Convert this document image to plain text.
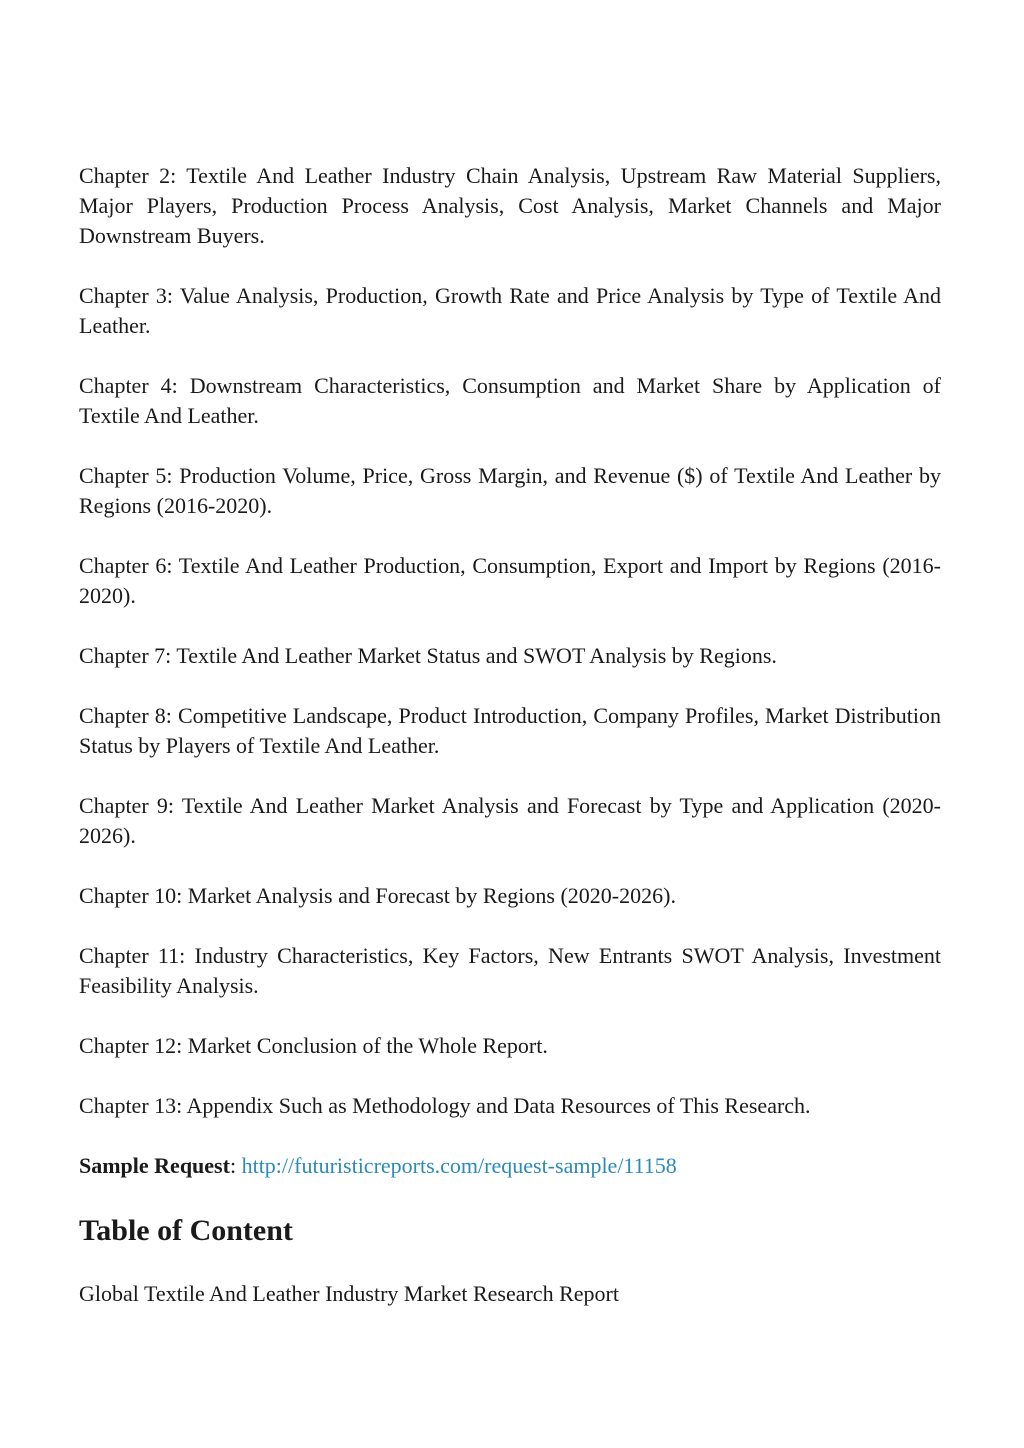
Chapter 2: Textile And Leather Industry Chain Analysis, Upstream Raw Material Suppliers, Major Players, Production Process Analysis, Cost Analysis, Market Channels and Major Downstream Buyers.

Chapter 3: Value Analysis, Production, Growth Rate and Price Analysis by Type of Textile And Leather.

Chapter 4: Downstream Characteristics, Consumption and Market Share by Application of Textile And Leather.

Chapter 5: Production Volume, Price, Gross Margin, and Revenue ($) of Textile And Leather by Regions (2016-2020).

Chapter 6: Textile And Leather Production, Consumption, Export and Import by Regions (2016-2020).

Chapter 7: Textile And Leather Market Status and SWOT Analysis by Regions.

Chapter 8: Competitive Landscape, Product Introduction, Company Profiles, Market Distribution Status by Players of Textile And Leather.

Chapter 9: Textile And Leather Market Analysis and Forecast by Type and Application (2020-2026).

Chapter 10: Market Analysis and Forecast by Regions (2020-2026).

Chapter 11: Industry Characteristics, Key Factors, New Entrants SWOT Analysis, Investment Feasibility Analysis.

Chapter 12: Market Conclusion of the Whole Report.

Chapter 13: Appendix Such as Methodology and Data Resources of This Research.

Sample Request: http://futuristicreports.com/request-sample/11158

Table of Content

Global Textile And Leather Industry Market Research Report
